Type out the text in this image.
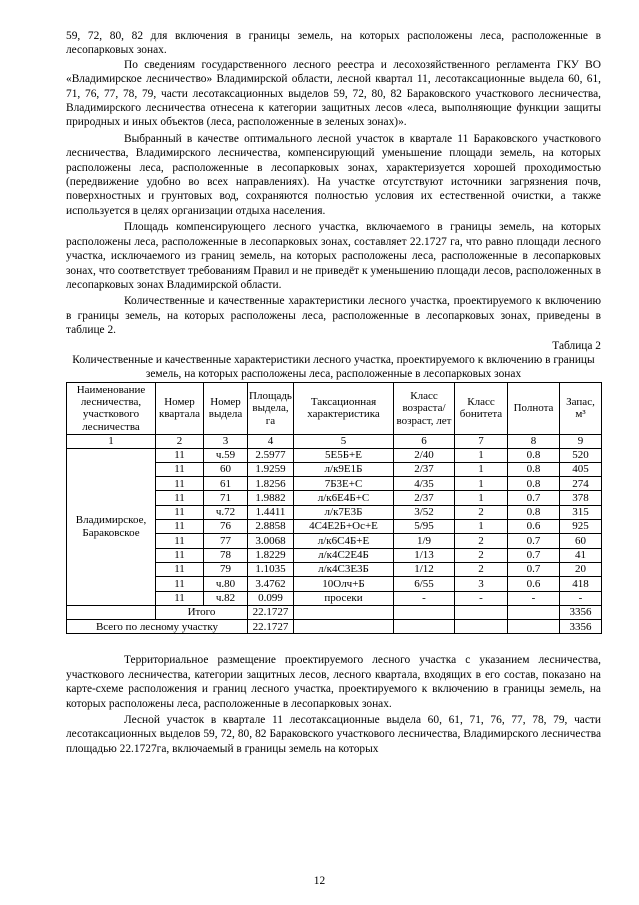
59, 72, 80, 82 для включения в границы земель, на которых расположены леса, расположенные в лесопарковых зонах.

По сведениям государственного лесного реестра и лесохозяйственного регламента ГКУ ВО «Владимирское лесничество» Владимирской области, лесной квартал 11, лесотаксационные выдела 60, 61, 71, 76, 77, 78, 79, части лесотаксационных выделов 59, 72, 80, 82 Бараковского участкового лесничества, Владимирского лесничества отнесена к категории защитных лесов «леса, выполняющие функции защиты природных и иных объектов (леса, расположенные в зеленых зонах)».

Выбранный в качестве оптимального лесной участок в квартале 11 Бараковского участкового лесничества, Владимирского лесничества, компенсирующий уменьшение площади земель, на которых расположены леса, расположенные в лесопарковых зонах, характеризуется хорошей проходимостью (передвижение удобно во всех направлениях). На участке отсутствуют источники загрязнения почв, поверхностных и грунтовых вод, сохраняются полностью условия их естественной очистки, а также используется в целях организации отдыха населения.

Площадь компенсирующего лесного участка, включаемого в границы земель, на которых расположены леса, расположенные в лесопарковых зонах, составляет 22.1727 га, что равно площади лесного участка, исключаемого из границ земель, на которых расположены леса, расположенные в лесопарковых зонах, что соответствует требованиям Правил и не приведёт к уменьшению площади лесов, расположенных в лесопарковых зонах Владимирской области.

Количественные и качественные характеристики лесного участка, проектируемого к включению в границы земель, на которых расположены леса, расположенные в лесопарковых зонах, приведены в таблице 2.

Таблица 2
Количественные и качественные характеристики лесного участка, проектируемого к включению в границы земель, на которых расположены леса, расположенные в лесопарковых зонах
Наименование лесничества, участкового лесничества	Номер квартала	Номер выдела	Площадь выдела, га	Таксационная характеристика	Класс возраста/ возраст, лет	Класс бонитета	Полнота	Запас, м³
1	2	3	4	5	6	7	8	9
Владимирское, Бараковское	11	ч.59	2.5977	5Е5Б+Е	2/40	1	0.8	520
	11	60	1.9259	л/к9Е1Б	2/37	1	0.8	405
	11	61	1.8256	7Б3Е+С	4/35	1	0.8	274
	11	71	1.9882	л/к6Е4Б+С	2/37	1	0.7	378
	11	ч.72	1.4411	л/к7Е3Б	3/52	2	0.8	315
	11	76	2.8858	4С4Е2Б+Ос+Е	5/95	1	0.6	925
	11	77	3.0068	л/к6С4Б+Е	1/9	2	0.7	60
	11	78	1.8229	л/к4С2Е4Б	1/13	2	0.7	41
	11	79	1.1035	л/к4С3Е3Б	1/12	2	0.7	20
	11	ч.80	3.4762	10Олч+Б	6/55	3	0.6	418
	11	ч.82	0.099	просеки	-	-	-	-
	Итого		22.1727					3356
Всего по лесному участку			22.1727					3356

Территориальное размещение проектируемого лесного участка с указанием лесничества, участкового лесничества, категории защитных лесов, лесного квартала, входящих в его состав, показано на карте-схеме расположения и границ лесного участка, проектируемого к включению в границы земель, на которых расположены леса, расположенные в лесопарковых зонах.

Лесной участок в квартале 11 лесотаксационные выдела 60, 61, 71, 76, 77, 78, 79, части лесотаксационных выделов 59, 72, 80, 82 Бараковского участкового лесничества, Владимирского лесничества площадью 22.1727га, включаемый в границы земель на которых

12
